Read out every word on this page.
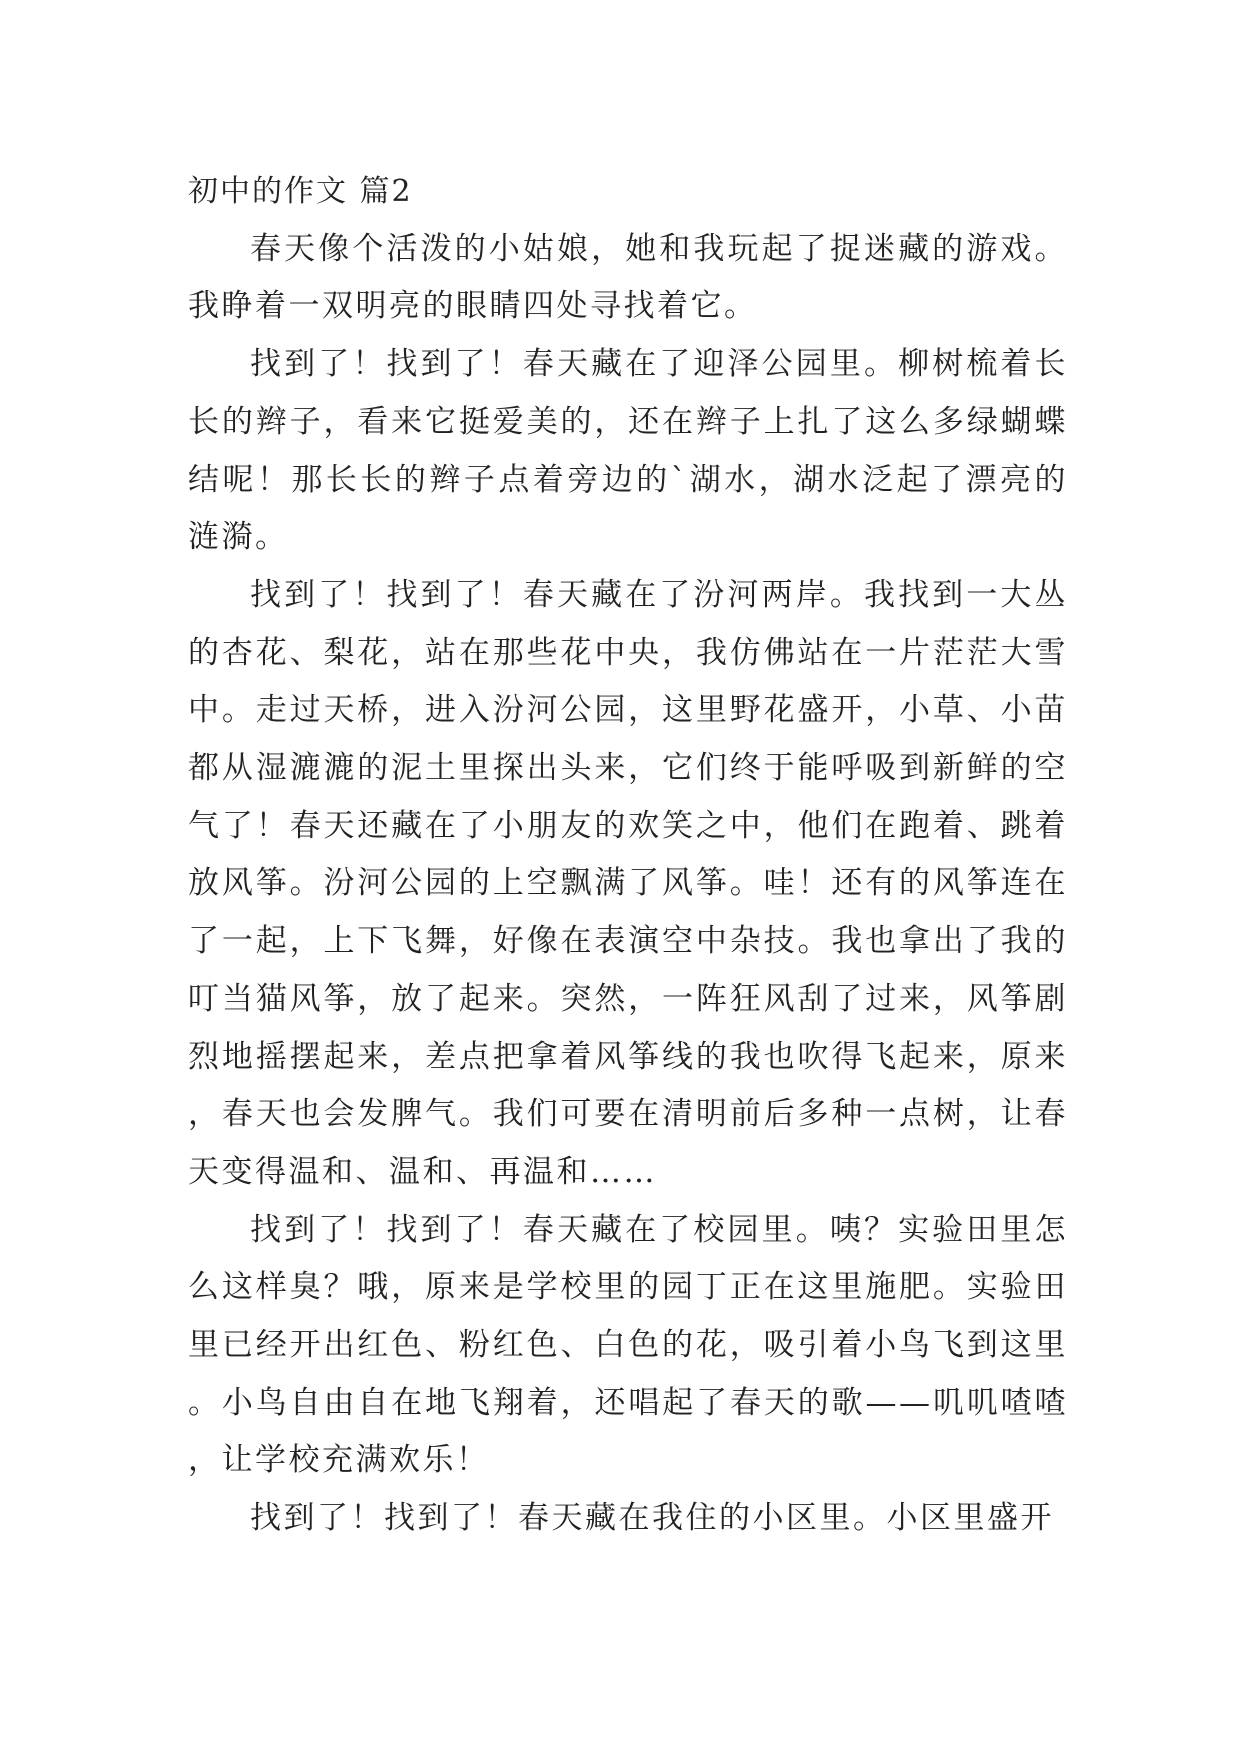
初中的作文 篇2

春天像个活泼的小姑娘，她和我玩起了捉迷藏的游戏。我睁着一双明亮的眼睛四处寻找着它。

找到了！找到了！春天藏在了迎泽公园里。柳树梳着长长的辫子，看来它挺爱美的，还在辫子上扎了这么多绿蝴蝶结呢！那长长的辫子点着旁边的`湖水，湖水泛起了漂亮的涟漪。

找到了！找到了！春天藏在了汾河两岸。我找到一大丛的杏花、梨花，站在那些花中央，我仿佛站在一片茫茫大雪中。走过天桥，进入汾河公园，这里野花盛开，小草、小苗都从湿漉漉的泥土里探出头来，它们终于能呼吸到新鲜的空气了！春天还藏在了小朋友的欢笑之中，他们在跑着、跳着放风筝。汾河公园的上空飘满了风筝。哇！还有的风筝连在了一起，上下飞舞，好像在表演空中杂技。我也拿出了我的叮当猫风筝，放了起来。突然，一阵狂风刮了过来，风筝剧烈地摇摆起来，差点把拿着风筝线的我也吹得飞起来，原来，春天也会发脾气。我们可要在清明前后多种一点树，让春天变得温和、温和、再温和……

找到了！找到了！春天藏在了校园里。咦？实验田里怎么这样臭？哦，原来是学校里的园丁正在这里施肥。实验田里已经开出红色、粉红色、白色的花，吸引着小鸟飞到这里。小鸟自由自在地飞翔着，还唱起了春天的歌——叽叽喳喳，让学校充满欢乐！

找到了！找到了！春天藏在我住的小区里。小区里盛开
